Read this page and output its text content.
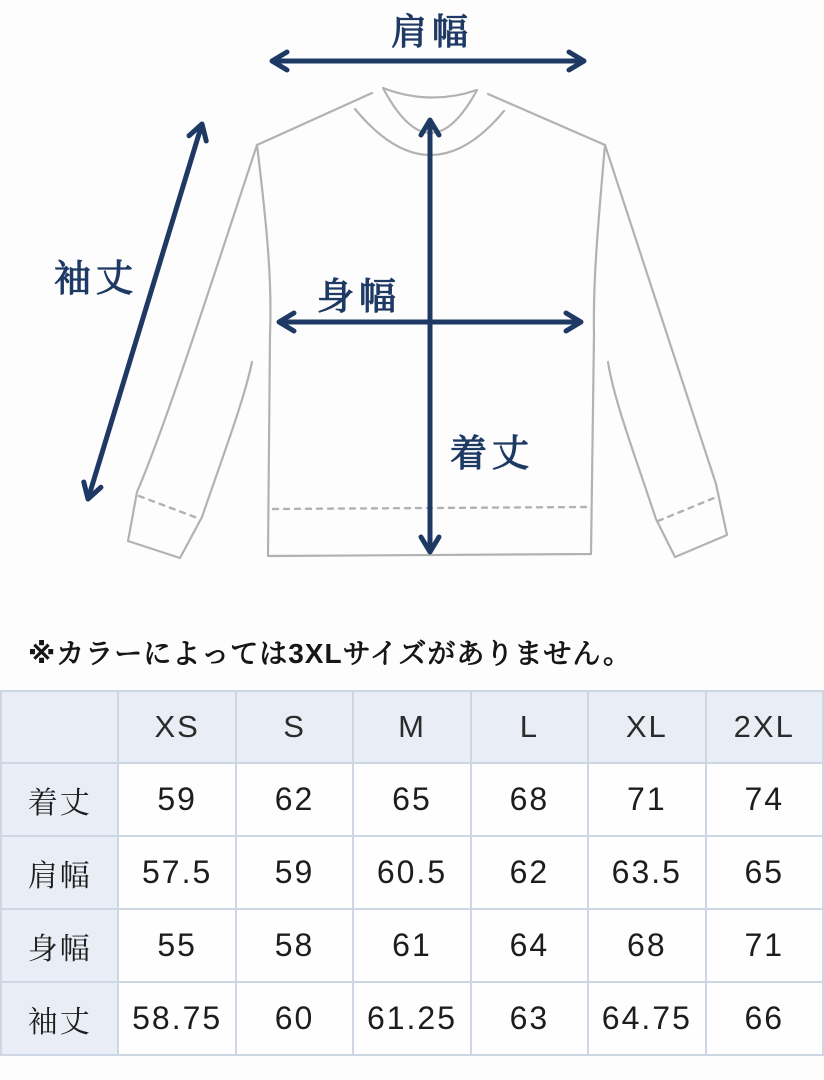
肩幅
袖丈	身幅
着丈

※カラーによっては3XLサイズがありません。

	XS	S	M	L	XL	2XL
着丈	59	62	65	68	71	74
肩幅	57.5	59	60.5	62	63.5	65
身幅	55	58	61	64	68	71
袖丈	58.75	60	61.25	63	64.75	66
